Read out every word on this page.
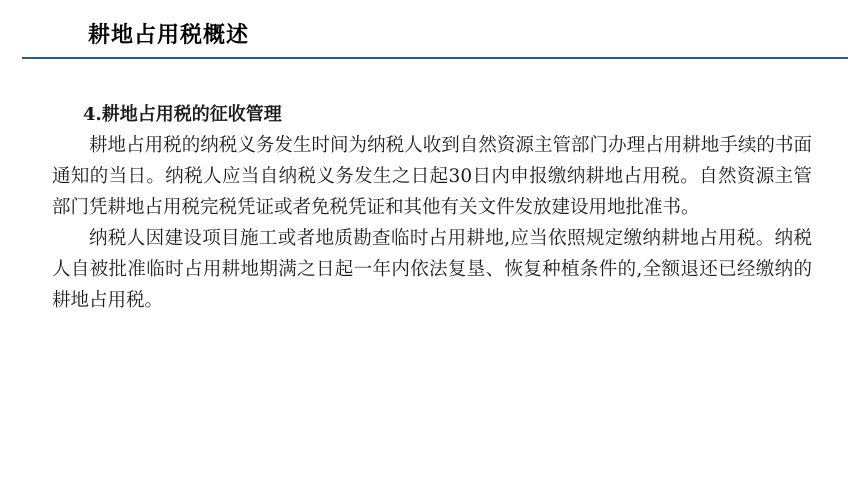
耕地占用税概述

4.耕地占用税的征收管理

耕地占用税的纳税义务发生时间为纳税人收到自然资源主管部门办理占用耕地手续的书面通知的当日。纳税人应当自纳税义务发生之日起30日内申报缴纳耕地占用税。自然资源主管部门凭耕地占用税完税凭证或者免税凭证和其他有关文件发放建设用地批准书。

纳税人因建设项目施工或者地质勘查临时占用耕地,应当依照规定缴纳耕地占用税。纳税人自被批准临时占用耕地期满之日起一年内依法复垦、恢复种植条件的,全额退还已经缴纳的耕地占用税。
